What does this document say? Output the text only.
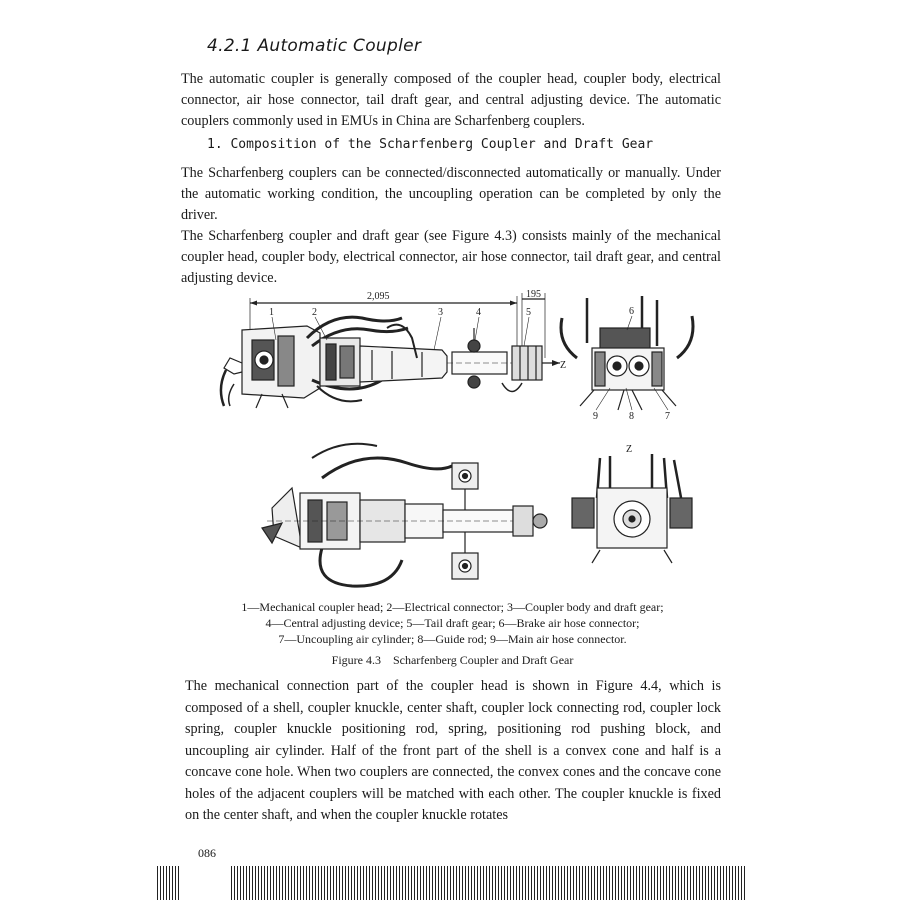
4.2.1 Automatic Coupler

The automatic coupler is generally composed of the coupler head, coupler body, electrical connector, air hose connector, tail draft gear, and central adjusting device. The automatic couplers commonly used in EMUs in China are Scharfenberg couplers.

1. Composition of the Scharfenberg Coupler and Draft Gear

The Scharfenberg couplers can be connected/disconnected automatically or manually. Under the automatic working condition, the uncoupling operation can be completed by only the driver.

The Scharfenberg coupler and draft gear (see Figure 4.3) consists mainly of the mechanical coupler head, coupler body, electrical connector, air hose connector, tail draft gear, and central adjusting device.

2,095	195
Z
1	2	3	4	5	6
7
8
9
Z
1—Mechanical coupler head; 2—Electrical connector; 3—Coupler body and draft gear;
4—Central adjusting device; 5—Tail draft gear; 6—Brake air hose connector;
7—Uncoupling air cylinder; 8—Guide rod; 9—Main air hose connector.
Figure 4.3    Scharfenberg Coupler and Draft Gear

The mechanical connection part of the coupler head is shown in Figure 4.4, which is composed of a shell, coupler knuckle, center shaft, coupler lock connecting rod, coupler lock spring, coupler knuckle positioning rod, spring, positioning rod pushing block, and uncoupling air cylinder. Half of the front part of the shell is a convex cone and half is a concave cone hole. When two couplers are connected, the convex cones and the concave cone holes of the adjacent couplers will be matched with each other. The coupler knuckle is fixed on the center shaft, and when the coupler knuckle rotates

086
